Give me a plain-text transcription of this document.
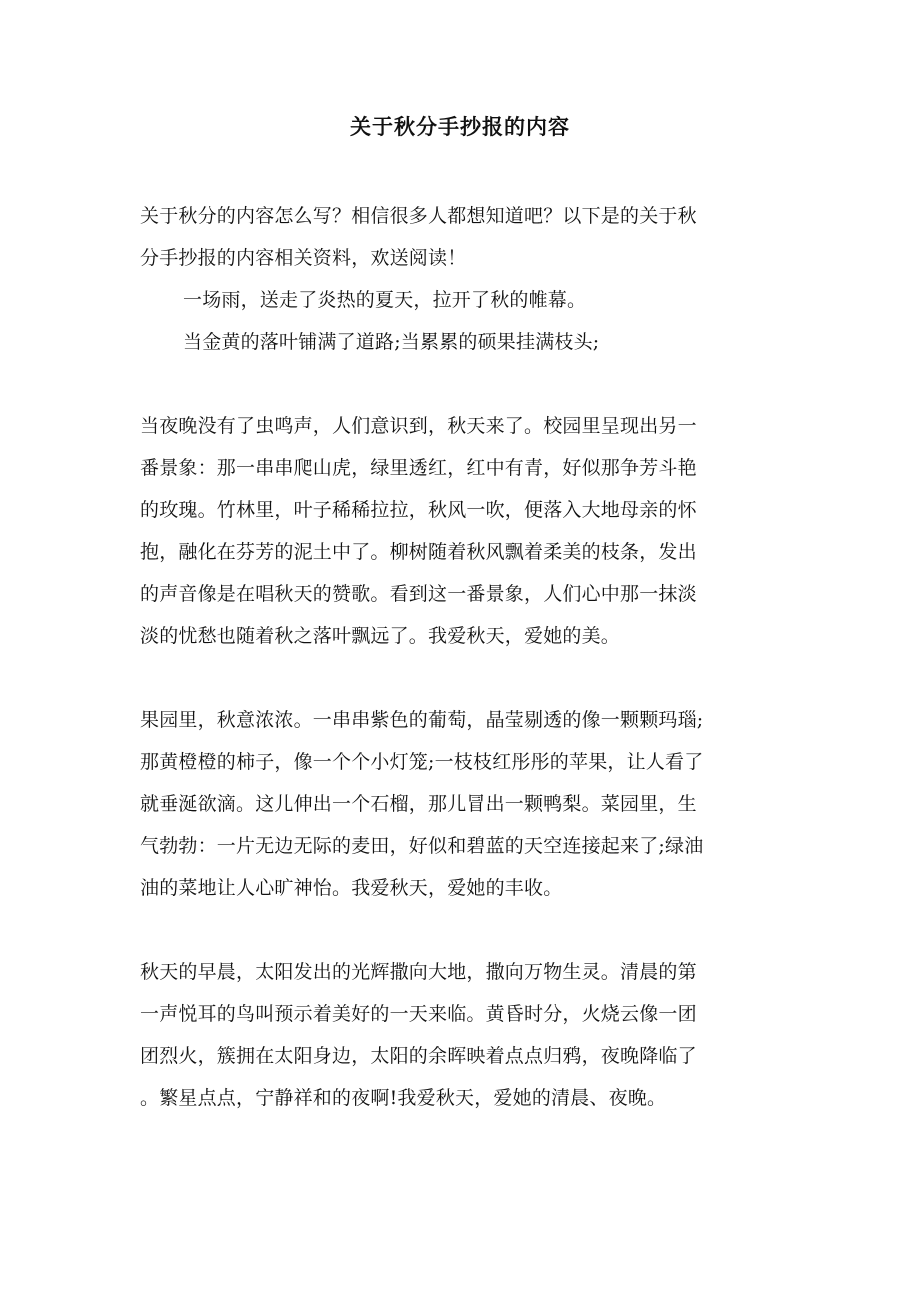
关于秋分手抄报的内容
关于秋分的内容怎么写？相信很多人都想知道吧？以下是的关于秋
分手抄报的内容相关资料，欢送阅读！
一场雨，送走了炎热的夏天，拉开了秋的帷幕。
当金黄的落叶铺满了道路;当累累的硕果挂满枝头;
当夜晚没有了虫鸣声，人们意识到，秋天来了。校园里呈现出另一
番景象：那一串串爬山虎，绿里透红，红中有青，好似那争芳斗艳
的玫瑰。竹林里，叶子稀稀拉拉，秋风一吹，便落入大地母亲的怀
抱，融化在芬芳的泥土中了。柳树随着秋风飘着柔美的枝条，发出
的声音像是在唱秋天的赞歌。看到这一番景象，人们心中那一抹淡
淡的忧愁也随着秋之落叶飘远了。我爱秋天，爱她的美。
果园里，秋意浓浓。一串串紫色的葡萄，晶莹剔透的像一颗颗玛瑙;
那黄橙橙的柿子，像一个个小灯笼;一枝枝红彤彤的苹果，让人看了
就垂涎欲滴。这儿伸出一个石榴，那儿冒出一颗鸭梨。菜园里，生
气勃勃：一片无边无际的麦田，好似和碧蓝的天空连接起来了;绿油
油的菜地让人心旷神怡。我爱秋天，爱她的丰收。
秋天的早晨，太阳发出的光辉撒向大地，撒向万物生灵。清晨的第
一声悦耳的鸟叫预示着美好的一天来临。黄昏时分，火烧云像一团
团烈火，簇拥在太阳身边，太阳的余晖映着点点归鸦，夜晚降临了
。繁星点点，宁静祥和的夜啊!我爱秋天，爱她的清晨、夜晚。
